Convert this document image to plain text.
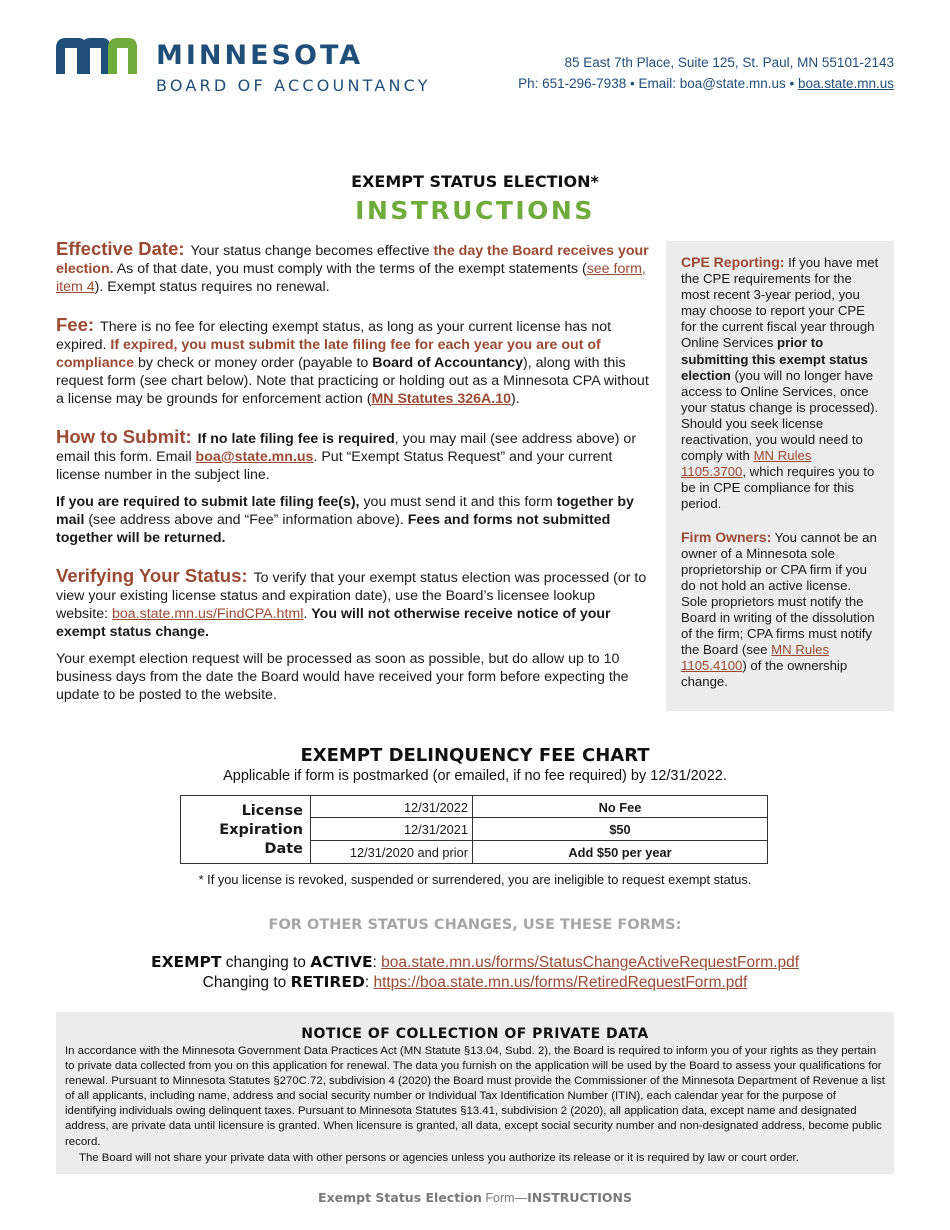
MINNESOTA
BOARD OF ACCOUNTANCY
85 East 7th Place, Suite 125, St. Paul, MN 55101-2143
Ph: 651-296-7938 • Email: boa@state.mn.us • boa.state.mn.us
EXEMPT STATUS ELECTION*
INSTRUCTIONS

Effective Date: Your status change becomes effective the day the Board receives your election. As of that date, you must comply with the terms of the exempt statements (see form, item 4). Exempt status requires no renewal.

Fee: There is no fee for electing exempt status, as long as your current license has not expired. If expired, you must submit the late filing fee for each year you are out of compliance by check or money order (payable to Board of Accountancy), along with this request form (see chart below). Note that practicing or holding out as a Minnesota CPA without a license may be grounds for enforcement action (MN Statutes 326A.10).

How to Submit: If no late filing fee is required, you may mail (see address above) or email this form. Email boa@state.mn.us. Put “Exempt Status Request” and your current license number in the subject line.

If you are required to submit late filing fee(s), you must send it and this form together by mail (see address above and “Fee” information above). Fees and forms not submitted together will be returned.

Verifying Your Status: To verify that your exempt status election was processed (or to view your existing license status and expiration date), use the Board’s licensee lookup website: boa.state.mn.us/FindCPA.html. You will not otherwise receive notice of your exempt status change.

Your exempt election request will be processed as soon as possible, but do allow up to 10 business days from the date the Board would have received your form before expecting the update to be posted to the website.

CPE Reporting: If you have met the CPE requirements for the most recent 3-year period, you may choose to report your CPE for the current fiscal year through Online Services prior to submitting this exempt status election (you will no longer have access to Online Services, once your status change is processed). Should you seek license reactivation, you would need to comply with MN Rules 1105.3700, which requires you to be in CPE compliance for this period.

Firm Owners: You cannot be an owner of a Minnesota sole proprietorship or CPA firm if you do not hold an active license. Sole proprietors must notify the Board in writing of the dissolution of the firm; CPA firms must notify the Board (see MN Rules 1105.4100) of the ownership change.

EXEMPT DELINQUENCY FEE CHART
Applicable if form is postmarked (or emailed, if no fee required) by 12/31/2022.
License
Expiration
Date
12/31/2022	No Fee
12/31/2021	$50
12/31/2020 and prior	Add $50 per year
* If you license is revoked, suspended or surrendered, you are ineligible to request exempt status.
FOR OTHER STATUS CHANGES, USE THESE FORMS:
EXEMPT changing to ACTIVE: boa.state.mn.us/forms/StatusChangeActiveRequestForm.pdf
Changing to RETIRED: https://boa.state.mn.us/forms/RetiredRequestForm.pdf
NOTICE OF COLLECTION OF PRIVATE DATA
In accordance with the Minnesota Government Data Practices Act (MN Statute §13.04, Subd. 2), the Board is required to inform you of your rights as they pertain to private data collected from you on this application for renewal. The data you furnish on the application will be used by the Board to assess your qualifications for renewal. Pursuant to Minnesota Statutes §270C.72, subdivision 4 (2020) the Board must provide the Commissioner of the Minnesota Department of Revenue a list of all applicants, including name, address and social security number or Individual Tax Identification Number (ITIN), each calendar year for the purpose of identifying individuals owing delinquent taxes. Pursuant to Minnesota Statutes §13.41, subdivision 2 (2020), all application data, except name and designated address, are private data until licensure is granted. When licensure is granted, all data, except social security number and non-designated address, become public record.
The Board will not share your private data with other persons or agencies unless you authorize its release or it is required by law or court order.
Exempt Status Election Form—INSTRUCTIONS
